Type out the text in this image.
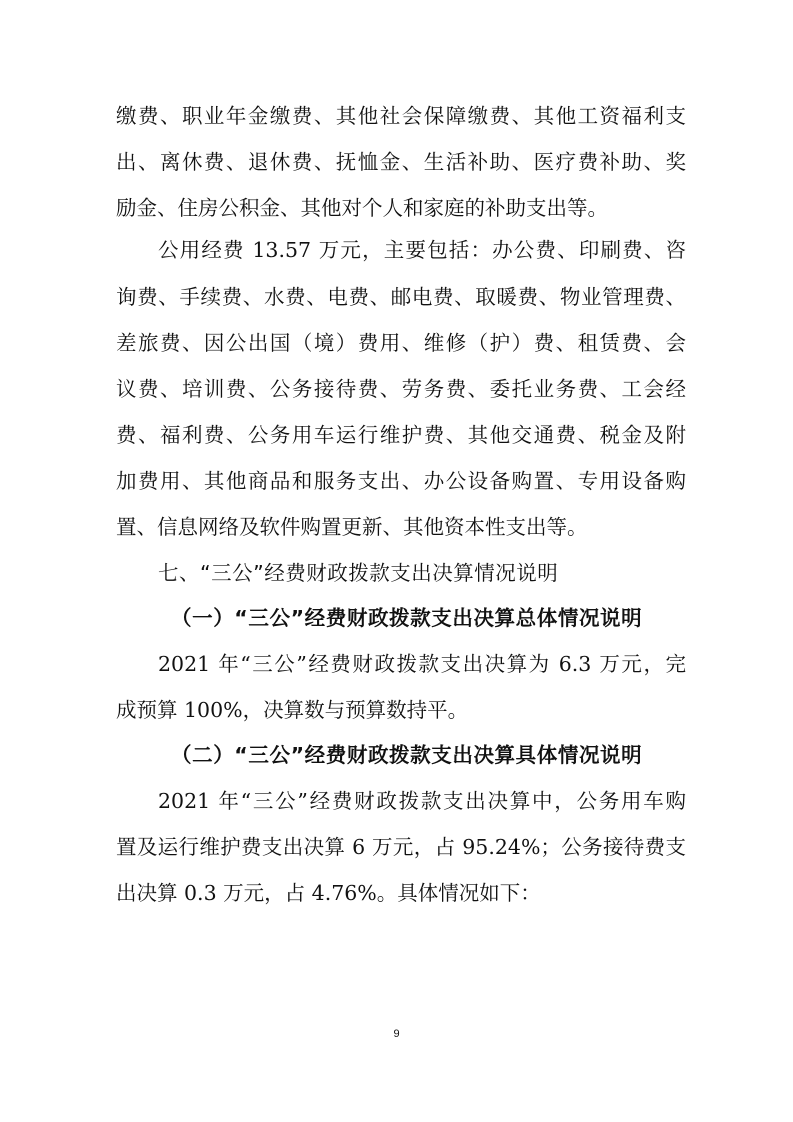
缴费、职业年金缴费、其他社会保障缴费、其他工资福利支
出、离休费、退休费、抚恤金、生活补助、医疗费补助、奖
励金、住房公积金、其他对个人和家庭的补助支出等。
公用经费 13.57 万元，主要包括：办公费、印刷费、咨
询费、手续费、水费、电费、邮电费、取暖费、物业管理费、
差旅费、因公出国（境）费用、维修（护）费、租赁费、会
议费、培训费、公务接待费、劳务费、委托业务费、工会经
费、福利费、公务用车运行维护费、其他交通费、税金及附
加费用、其他商品和服务支出、办公设备购置、专用设备购
置、信息网络及软件购置更新、其他资本性支出等。
七、“三公”经费财政拨款支出决算情况说明
（一）“三公”经费财政拨款支出决算总体情况说明
2021 年“三公”经费财政拨款支出决算为 6.3 万元，完
成预算 100%，决算数与预算数持平。
（二）“三公”经费财政拨款支出决算具体情况说明
2021 年“三公”经费财政拨款支出决算中，公务用车购
置及运行维护费支出决算 6 万元，占 95.24%；公务接待费支
出决算 0.3 万元，占 4.76%。具体情况如下：
9
